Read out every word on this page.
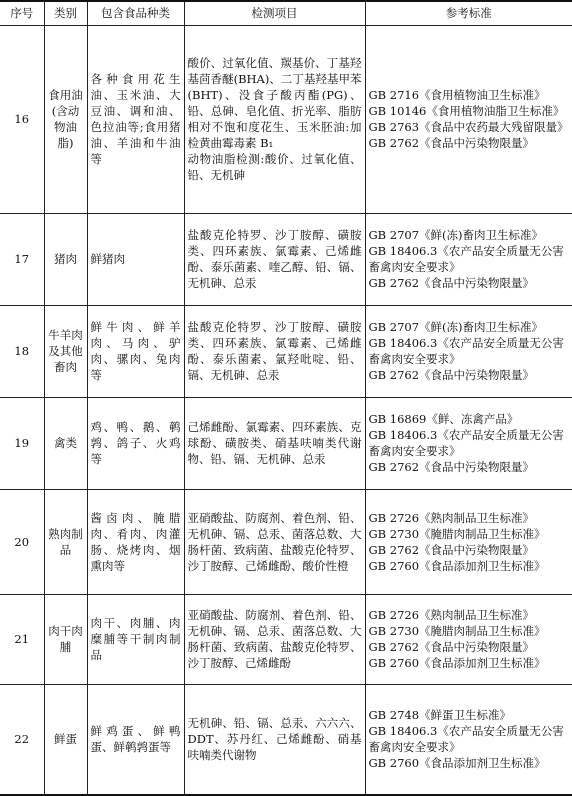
序号	类别	包含食品种类	检测项目	参考标准
16	食用油(含动物油脂)	各种食用花生油、玉米油、大豆油、调和油、色拉油等;食用猪油、羊油和牛油等	酸价、过氧化值、羰基价、丁基羟基茴香醚(BHA)、二丁基羟基甲苯(BHT)、没食子酸丙酯(PG)、铅、总砷、皂化值、折光率、脂肪相对不饱和度花生、玉米胚油:加检黄曲霉毒素 B₁
动物油脂检测:酸价、过氧化值、铅、无机砷	GB 2716《食用植物油卫生标准》
GB 10146《食用植物油脂卫生标准》
GB 2763《食品中农药最大残留限量》
GB 2762《食品中污染物限量》

17	猪肉	鲜猪肉	盐酸克伦特罗、沙丁胺醇、磺胺类、四环素族、氯霉素、己烯雌酚、泰乐菌素、喹乙醇、铅、镉、无机砷、总汞	GB 2707《鲜(冻)畜肉卫生标准》
GB 18406.3《农产品安全质量无公害畜禽肉安全要求》
GB 2762《食品中污染物限量》

18	牛羊肉及其他畜肉	鲜牛肉、鲜羊肉、马肉、驴肉、骡肉、兔肉等	盐酸克伦特罗、沙丁胺醇、磺胺类、四环素族、氯霉素、己烯雌酚、泰乐菌素、氯羟吡啶、铅、镉、无机砷、总汞	GB 2707《鲜(冻)畜肉卫生标准》
GB 18406.3《农产品安全质量无公害畜禽肉安全要求》
GB 2762《食品中污染物限量》

19	禽类	鸡、鸭、鹅、鹌鹑、鸽子、火鸡等	己烯雌酚、氯霉素、四环素族、克球酚、磺胺类、硝基呋喃类代谢物、铅、镉、无机砷、总汞	GB 16869《鲜、冻禽产品》
GB 18406.3《农产品安全质量无公害畜禽肉安全要求》
GB 2762《食品中污染物限量》

20	熟肉制品	酱卤肉、腌腊肉、肴肉、肉灌肠、烧烤肉、烟熏肉等	亚硝酸盐、防腐剂、着色剂、铅、无机砷、镉、总汞、菌落总数、大肠杆菌、致病菌、盐酸克伦特罗、沙丁胺醇、己烯雌酚、酸价性橙	GB 2726《熟肉制品卫生标准》
GB 2730《腌腊肉制品卫生标准》
GB 2762《食品中污染物限量》
GB 2760《食品添加剂卫生标准》

21	肉干肉脯	肉干、肉脯、肉糜脯等干制肉制品	亚硝酸盐、防腐剂、着色剂、铅、无机砷、镉、总汞、菌落总数、大肠杆菌、致病菌、盐酸克伦特罗、沙丁胺醇、己烯雌酚	GB 2726《熟肉制品卫生标准》
GB 2730《腌腊肉制品卫生标准》
GB 2762《食品中污染物限量》
GB 2760《食品添加剂卫生标准》

22	鲜蛋	鲜鸡蛋、鲜鸭蛋、鲜鹌鹑蛋等	无机砷、铅、镉、总汞、六六六、DDT、苏丹红、己烯雌酚、硝基呋喃类代谢物	GB 2748《鲜蛋卫生标准》
GB 18406.3《农产品安全质量无公害畜禽肉安全要求》
GB 2760《食品添加剂卫生标准》
